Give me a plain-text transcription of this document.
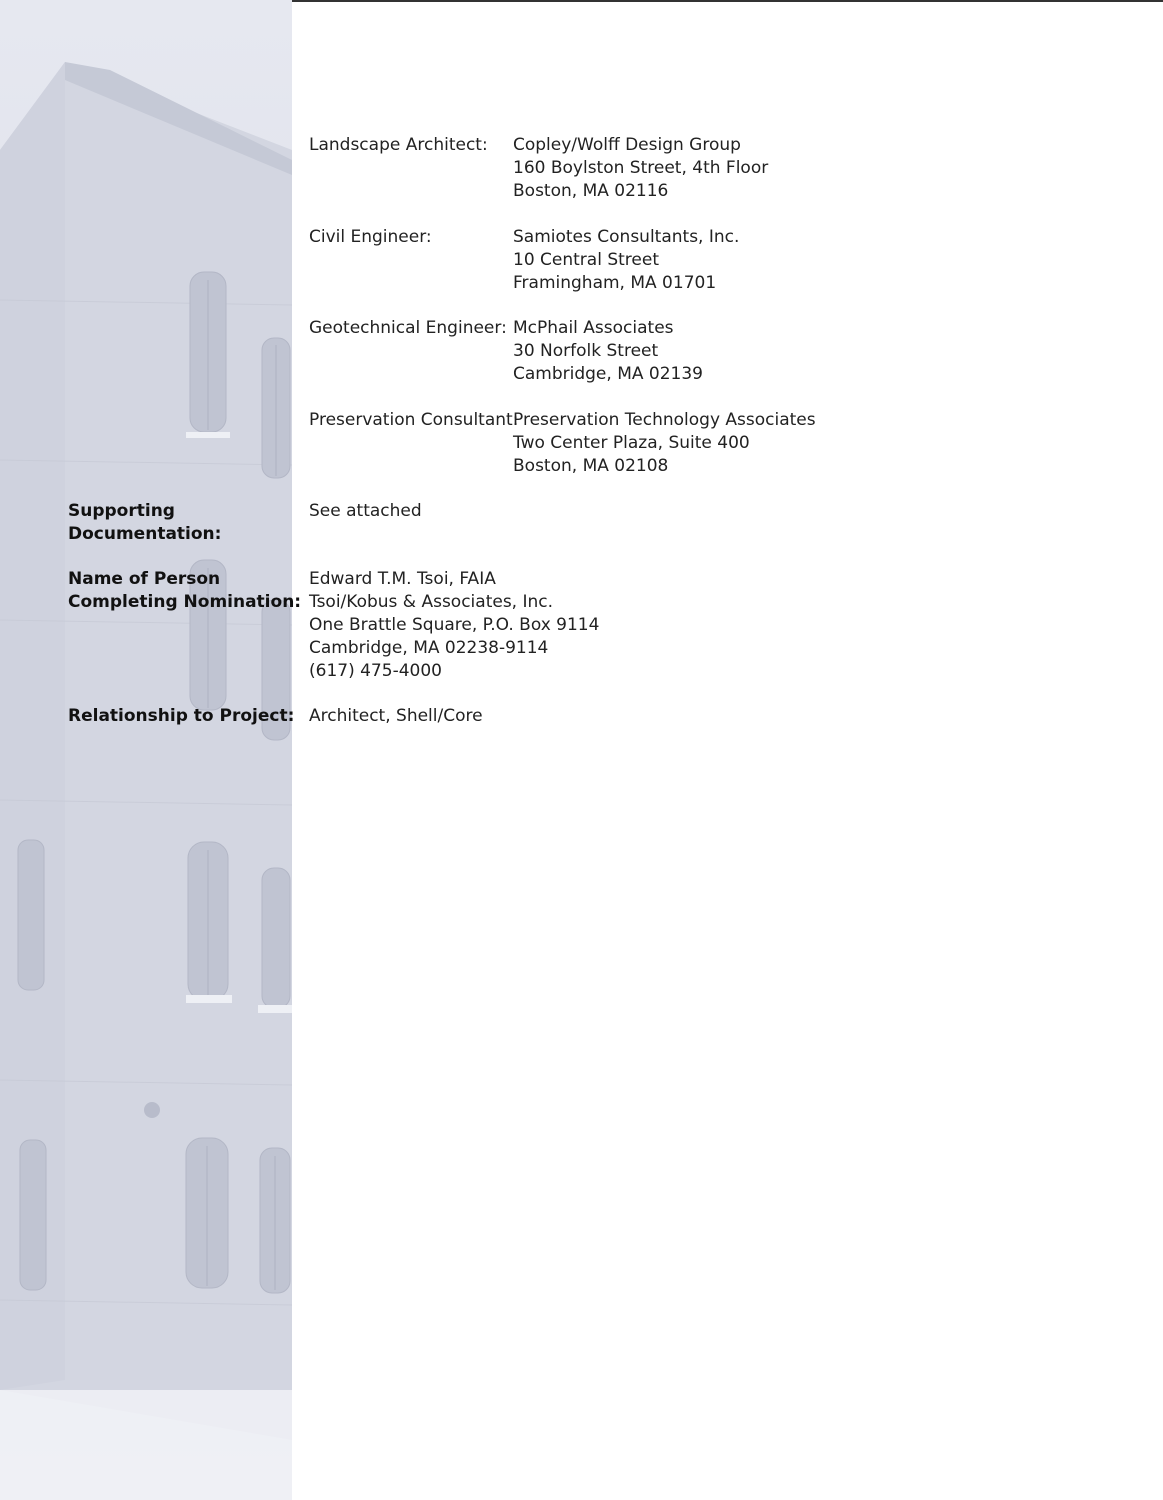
Landscape Architect: Copley/Wolff Design Group
160 Boylston Street, 4th Floor
Boston, MA 02116
Civil Engineer:	Samiotes Consultants, Inc.
10 Central Street
Framingham, MA 01701
Geotechnical Engineer: McPhail Associates
30 Norfolk Street
Cambridge, MA 02139
Preservation Consultant:
Preservation Technology Associates
Two Center Plaza, Suite 400
Boston, MA 02108
Supporting
Documentation:
See attached
Name of Person
Completing Nomination:
Edward T.M. Tsoi, FAIA
Tsoi/Kobus & Associates, Inc.
One Brattle Square, P.O. Box 9114
Cambridge, MA 02238-9114
(617) 475-4000
Relationship to Project: Architect, Shell/Core
